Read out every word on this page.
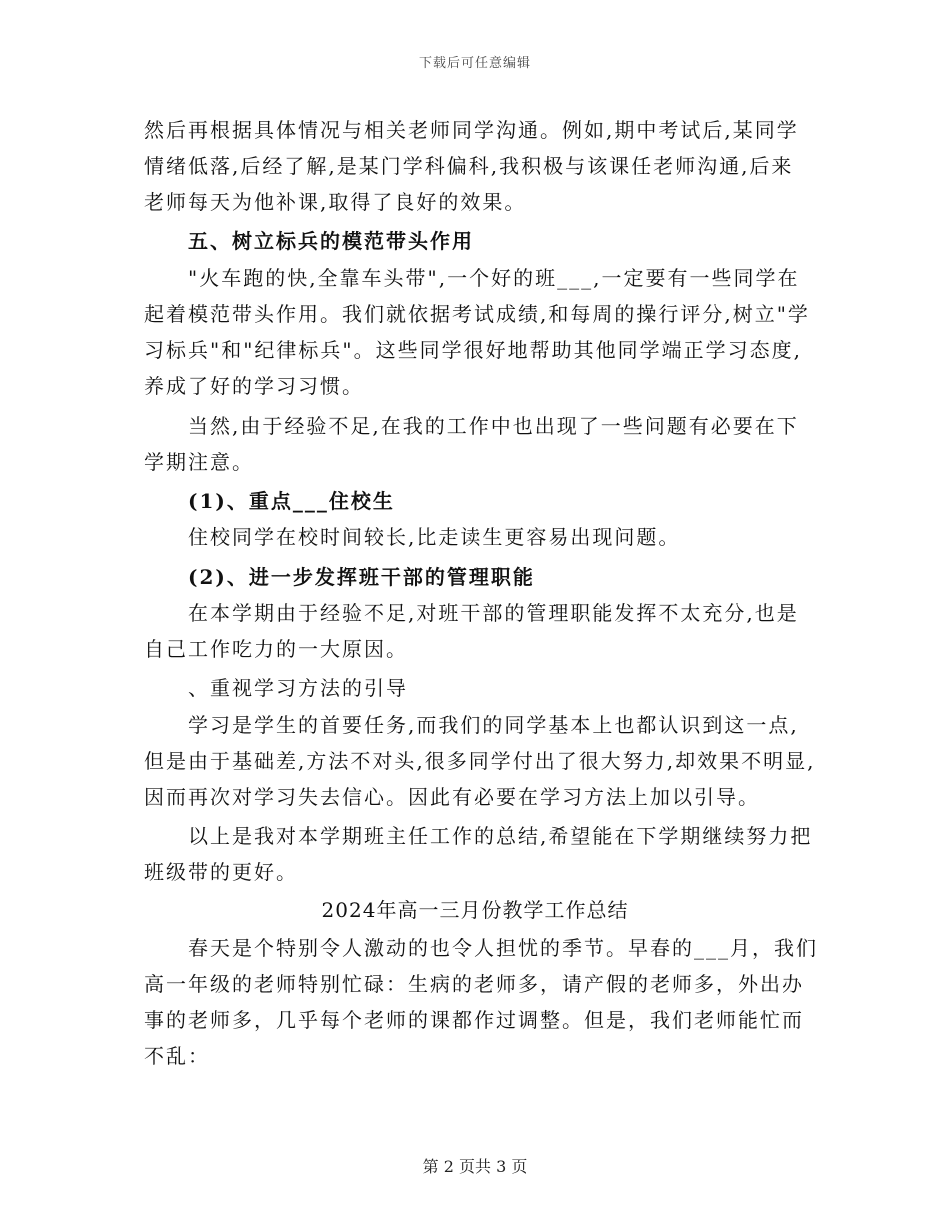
下载后可任意编辑
然后再根据具体情况与相关老师同学沟通。例如,期中考试后,某同学
情绪低落,后经了解,是某门学科偏科,我积极与该课任老师沟通,后来
老师每天为他补课,取得了良好的效果。
五、树立标兵的模范带头作用
"火车跑的快,全靠车头带",一个好的班___,一定要有一些同学在
起着模范带头作用。我们就依据考试成绩,和每周的操行评分,树立"学
习标兵"和"纪律标兵"。这些同学很好地帮助其他同学端正学习态度,
养成了好的学习习惯。
当然,由于经验不足,在我的工作中也出现了一些问题有必要在下
学期注意。
(1)、重点___住校生
住校同学在校时间较长,比走读生更容易出现问题。
(2)、进一步发挥班干部的管理职能
在本学期由于经验不足,对班干部的管理职能发挥不太充分,也是
自己工作吃力的一大原因。
、重视学习方法的引导
学习是学生的首要任务,而我们的同学基本上也都认识到这一点,
但是由于基础差,方法不对头,很多同学付出了很大努力,却效果不明显,
因而再次对学习失去信心。因此有必要在学习方法上加以引导。
以上是我对本学期班主任工作的总结,希望能在下学期继续努力把
班级带的更好。
2024年高一三月份教学工作总结
春天是个特别令人激动的也令人担忧的季节。早春的___月，我们
高一年级的老师特别忙碌：生病的老师多，请产假的老师多，外出办
事的老师多，几乎每个老师的课都作过调整。但是，我们老师能忙而
不乱：
第 2 页共 3 页
